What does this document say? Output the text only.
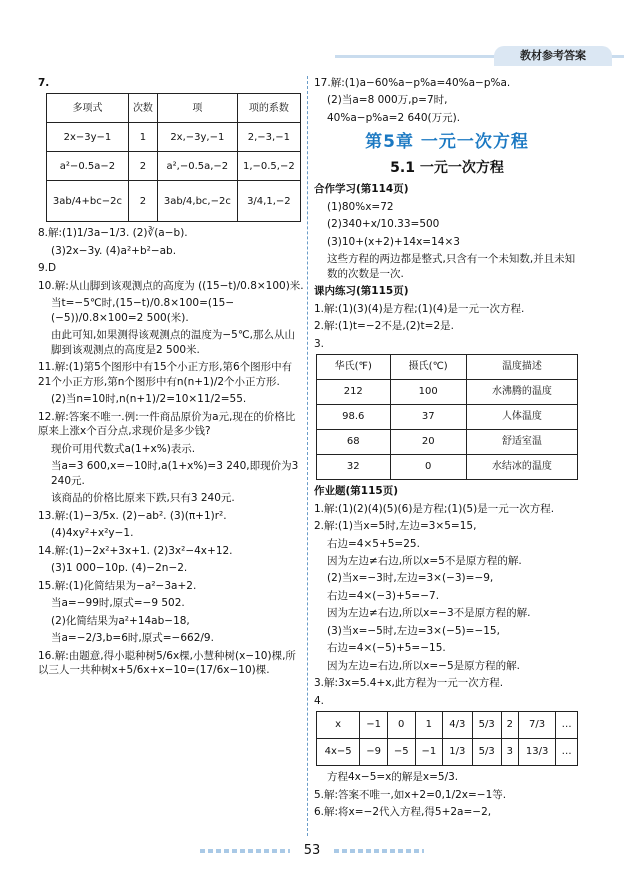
教材参考答案

7.

多项式	次数	项	项的系数
2x−3y−1	1	2x,−3y,−1	2,−3,−1
a²−0.5a−2	2	a²,−0.5a,−2	1,−0.5,−2
3ab/4+bc−2c	2	3ab/4,bc,−2c	3/4,1,−2

8.解:(1)1/3a−1/3. (2)∛(a−b).

(3)2x−3y. (4)a²+b²−ab.

9.D

10.解:从山脚到该观测点的高度为 ((15−t)/0.8×100)米.

当t=−5℃时,(15−t)/0.8×100=(15−(−5))/0.8×100=2 500(米).

由此可知,如果测得该观测点的温度为−5℃,那么从山脚到该观测点的高度是2 500米.

11.解:(1)第5个图形中有15个小正方形,第6个图形中有21个小正方形,第n个图形中有n(n+1)/2个小正方形.

(2)当n=10时,n(n+1)/2=10×11/2=55.

12.解:答案不唯一.例:一件商品原价为a元,现在的价格比原来上涨x个百分点,求现价是多少钱?

现价可用代数式a(1+x%)表示.

当a=3 600,x=−10时,a(1+x%)=3 240,即现价为3 240元.

该商品的价格比原来下跌,只有3 240元.

13.解:(1)−3/5x. (2)−ab². (3)(π+1)r².

(4)4xy²+x²y−1.

14.解:(1)−2x²+3x+1. (2)3x²−4x+12.

(3)1 000−10p. (4)−2n−2.

15.解:(1)化简结果为−a²−3a+2.

当a=−99时,原式=−9 502.

(2)化简结果为a²+14ab−18,

当a=−2/3,b=6时,原式=−662/9.

16.解:由题意,得小聪种树5/6x棵,小慧种树(x−10)棵,所以三人一共种树x+5/6x+x−10=(17/6x−10)棵.

17.解:(1)a−60%a−p%a=40%a−p%a.

(2)当a=8 000万,p=7时,

40%a−p%a=2 640(万元).

第5章 一元一次方程
5.1 一元一次方程

合作学习(第114页)

(1)80%x=72

(2)340+x/10.33=500

(3)10+(x+2)+14x=14×3

这些方程的两边都是整式,只含有一个未知数,并且未知数的次数是一次.

课内练习(第115页)

1.解:(1)(3)(4)是方程;(1)(4)是一元一次方程.

2.解:(1)t=−2不是,(2)t=2是.

3.

华氏(℉)	摄氏(℃)	温度描述
212	100	水沸腾的温度
98.6	37	人体温度
68	20	舒适室温
32	0	水结冰的温度

作业题(第115页)

1.解:(1)(2)(4)(5)(6)是方程;(1)(5)是一元一次方程.

2.解:(1)当x=5时,左边=3×5=15,

右边=4×5+5=25.

因为左边≠右边,所以x=5不是原方程的解.

(2)当x=−3时,左边=3×(−3)=−9,

右边=4×(−3)+5=−7.

因为左边≠右边,所以x=−3不是原方程的解.

(3)当x=−5时,左边=3×(−5)=−15,

右边=4×(−5)+5=−15.

因为左边=右边,所以x=−5是原方程的解.

3.解:3x=5.4+x,此方程为一元一次方程.

4.

x	−1	0	1	4/3	5/3	2	7/3	…
4x−5	−9	−5	−1	1/3	5/3	3	13/3	…

方程4x−5=x的解是x=5/3.

5.解:答案不唯一,如x+2=0,1/2x=−1等.

6.解:将x=−2代入方程,得5+2a=−2,

53
